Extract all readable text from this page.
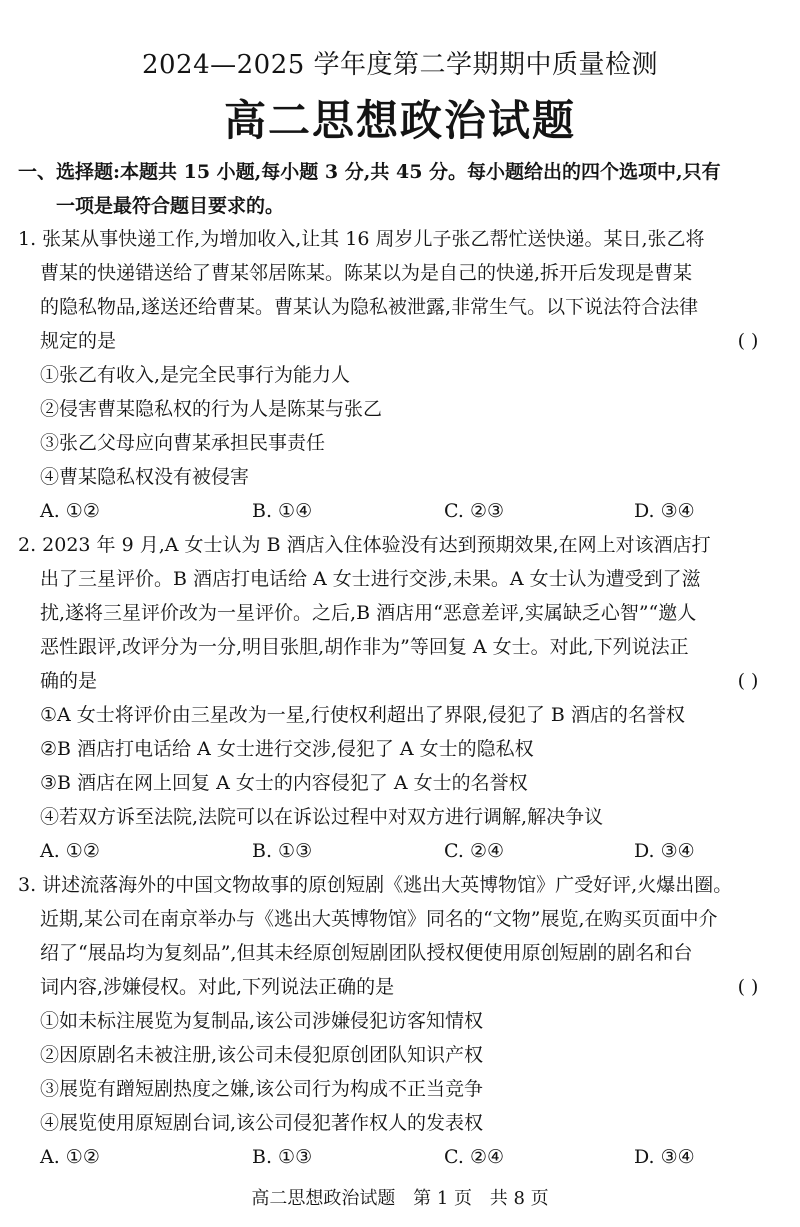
2024—2025 学年度第二学期期中质量检测
高二思想政治试题
一、选择题:本题共 15 小题,每小题 3 分,共 45 分。每小题给出的四个选项中,只有
一项是最符合题目要求的。
1. 张某从事快递工作,为增加收入,让其 16 周岁儿子张乙帮忙送快递。某日,张乙将
曹某的快递错送给了曹某邻居陈某。陈某以为是自己的快递,拆开后发现是曹某
的隐私物品,遂送还给曹某。曹某认为隐私被泄露,非常生气。以下说法符合法律
规定的是	( )
①张乙有收入,是完全民事行为能力人
②侵害曹某隐私权的行为人是陈某与张乙
③张乙父母应向曹某承担民事责任
④曹某隐私权没有被侵害
A. ①②	B. ①④	C. ②③	D. ③④
2. 2023 年 9 月,A 女士认为 B 酒店入住体验没有达到预期效果,在网上对该酒店打
出了三星评价。B 酒店打电话给 A 女士进行交涉,未果。A 女士认为遭受到了滋
扰,遂将三星评价改为一星评价。之后,B 酒店用“恶意差评,实属缺乏心智”“邀人
恶性跟评,改评分为一分,明目张胆,胡作非为”等回复 A 女士。对此,下列说法正
确的是	( )
①A 女士将评价由三星改为一星,行使权利超出了界限,侵犯了 B 酒店的名誉权
②B 酒店打电话给 A 女士进行交涉,侵犯了 A 女士的隐私权
③B 酒店在网上回复 A 女士的内容侵犯了 A 女士的名誉权
④若双方诉至法院,法院可以在诉讼过程中对双方进行调解,解决争议
A. ①②	B. ①③	C. ②④	D. ③④
3. 讲述流落海外的中国文物故事的原创短剧《逃出大英博物馆》广受好评,火爆出圈。
近期,某公司在南京举办与《逃出大英博物馆》同名的“文物”展览,在购买页面中介
绍了“展品均为复刻品”,但其未经原创短剧团队授权便使用原创短剧的剧名和台
词内容,涉嫌侵权。对此,下列说法正确的是	( )
①如未标注展览为复制品,该公司涉嫌侵犯访客知情权
②因原剧名未被注册,该公司未侵犯原创团队知识产权
③展览有蹭短剧热度之嫌,该公司行为构成不正当竞争
④展览使用原短剧台词,该公司侵犯著作权人的发表权
A. ①②	B. ①③	C. ②④	D. ③④
高二思想政治试题 第 1 页 共 8 页
